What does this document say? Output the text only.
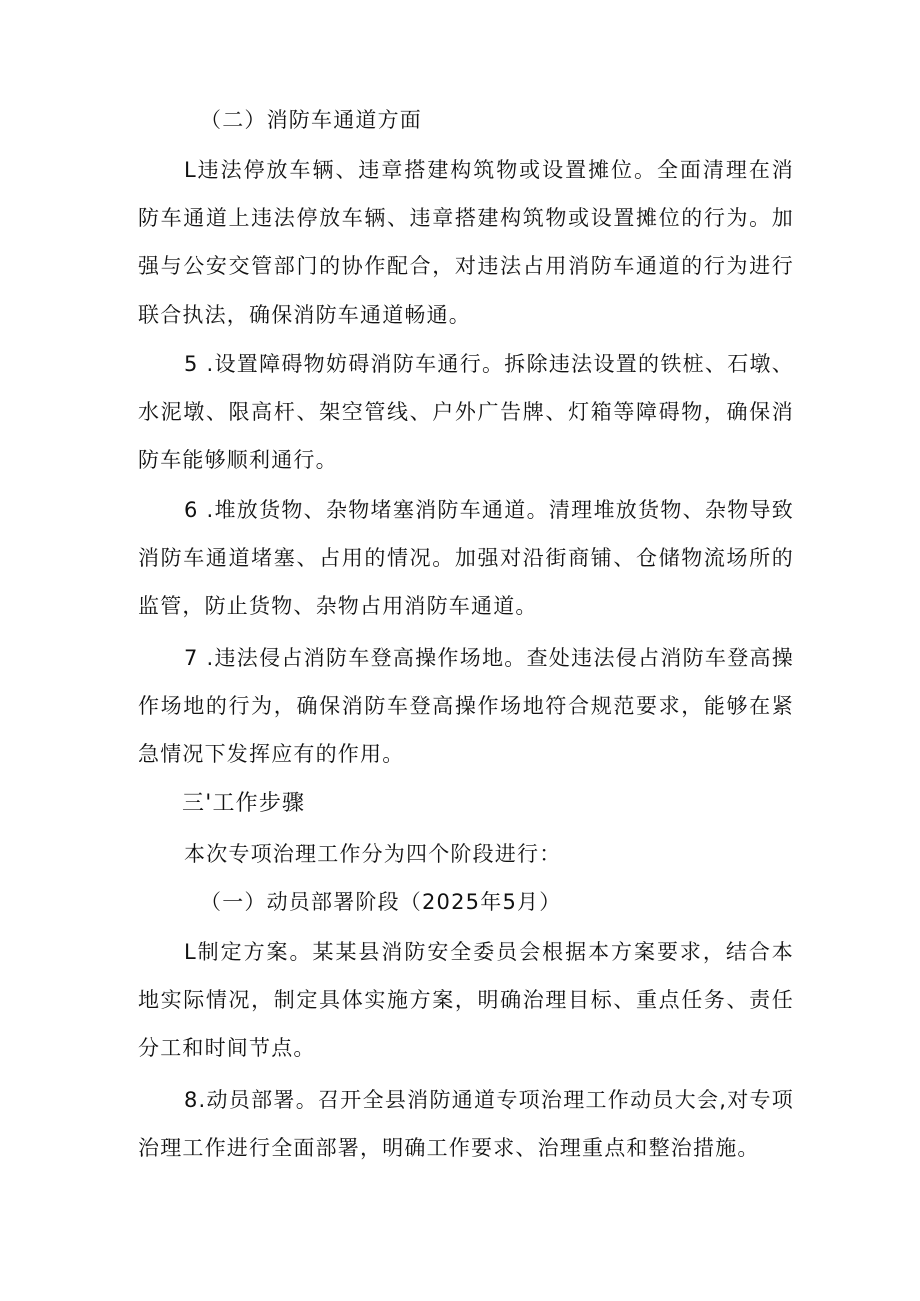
（二）消防车通道方面

L违法停放车辆、违章搭建构筑物或设置摊位。全面清理在消防车通道上违法停放车辆、违章搭建构筑物或设置摊位的行为。加强与公安交管部门的协作配合，对违法占用消防车通道的行为进行联合执法，确保消防车通道畅通。

5 .设置障碍物妨碍消防车通行。拆除违法设置的铁桩、石墩、水泥墩、限高杆、架空管线、户外广告牌、灯箱等障碍物，确保消防车能够顺利通行。

6 .堆放货物、杂物堵塞消防车通道。清理堆放货物、杂物导致消防车通道堵塞、占用的情况。加强对沿街商铺、仓储物流场所的监管，防止货物、杂物占用消防车通道。

7 .违法侵占消防车登高操作场地。查处违法侵占消防车登高操作场地的行为，确保消防车登高操作场地符合规范要求，能够在紧急情况下发挥应有的作用。

三'工作步骤

本次专项治理工作分为四个阶段进行：

（一）动员部署阶段（2025年5月）

L制定方案。某某县消防安全委员会根据本方案要求，结合本地实际情况，制定具体实施方案，明确治理目标、重点任务、责任分工和时间节点。

8.动员部署。召开全县消防通道专项治理工作动员大会,对专项治理工作进行全面部署，明确工作要求、治理重点和整治措施。
